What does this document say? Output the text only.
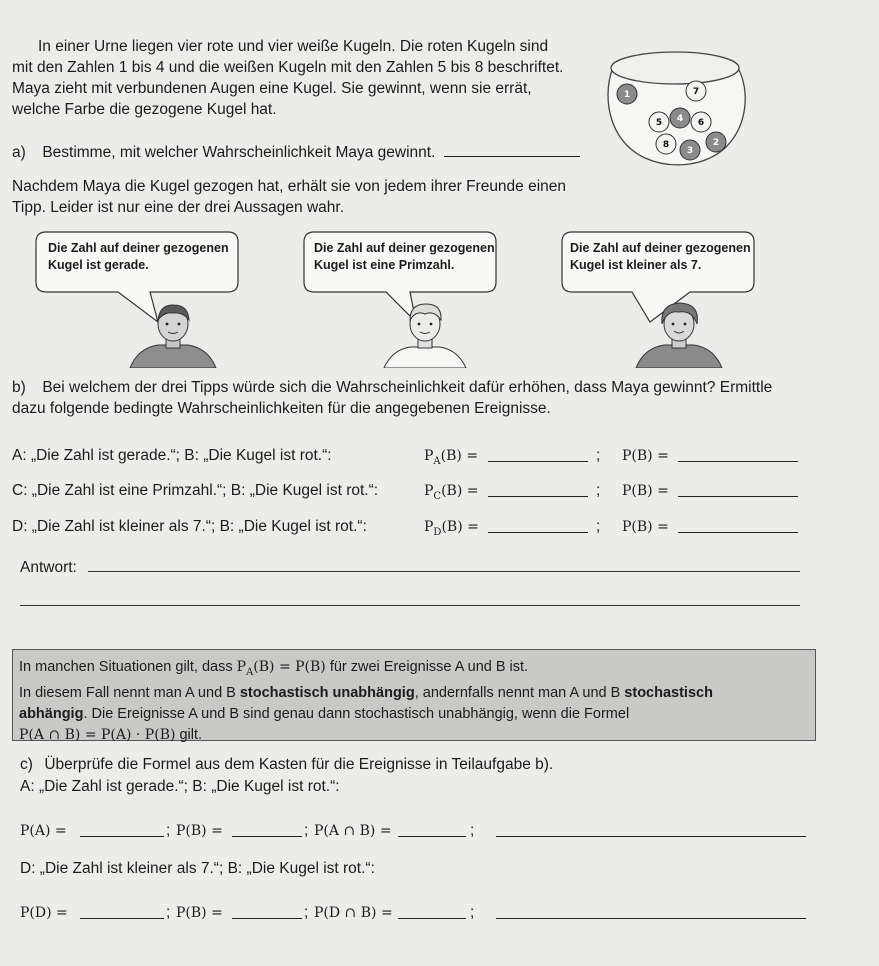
In einer Urne liegen vier rote und vier weiße Kugeln. Die roten Kugeln sind
mit den Zahlen 1 bis 4 und die weißen Kugeln mit den Zahlen 5 bis 8 beschriftet.
Maya zieht mit verbundenen Augen eine Kugel. Sie gewinnt, wenn sie errät,
welche Farbe die gezogene Kugel hat.
1	7
5 4 6
8
3
2
a) Bestimme, mit welcher Wahrscheinlichkeit Maya gewinnt.
Nachdem Maya die Kugel gezogen hat, erhält sie von jedem ihrer Freunde einen
Tipp. Leider ist nur eine der drei Aussagen wahr.
Die Zahl auf deiner gezogenen
Kugel ist gerade.
Die Zahl auf deiner gezogenen
Kugel ist eine Primzahl.
Die Zahl auf deiner gezogenen
Kugel ist kleiner als 7.
b) Bei welchem der drei Tipps würde sich die Wahrscheinlichkeit dafür erhöhen, dass Maya gewinnt? Ermittle
dazu folgende bedingte Wahrscheinlichkeiten für die angegebenen Ereignisse.
A: „Die Zahl ist gerade.“; B: „Die Kugel ist rot.“:	$P_A(B)$ =	; P(B) =
C: „Die Zahl ist eine Primzahl.“; B: „Die Kugel ist rot.“:	$P_C(B)$ =	; P(B) =
D: „Die Zahl ist kleiner als 7.“; B: „Die Kugel ist rot.“:	$P_D(B)$ =	; P(B) =
Antwort:
In manchen Situationen gilt, dass $P_A(B) = P(B)$ für zwei Ereignisse A und B ist.
In diesem Fall nennt man A und B stochastisch unabhängig, andernfalls nennt man A und B stochastisch
abhängig. Die Ereignisse A und B sind genau dann stochastisch unabhängig, wenn die Formel
P(A ∩ B) = P(A) · P(B) gilt.
c) Überprüfe die Formel aus dem Kasten für die Ereignisse in Teilaufgabe b).
A: „Die Zahl ist gerade.“; B: „Die Kugel ist rot.“:
P(A) =	; P(B) =	; P(A ∩ B) =	;
D: „Die Zahl ist kleiner als 7.“; B: „Die Kugel ist rot.“:
P(D) =	; P(B) =	; P(D ∩ B) =	;
